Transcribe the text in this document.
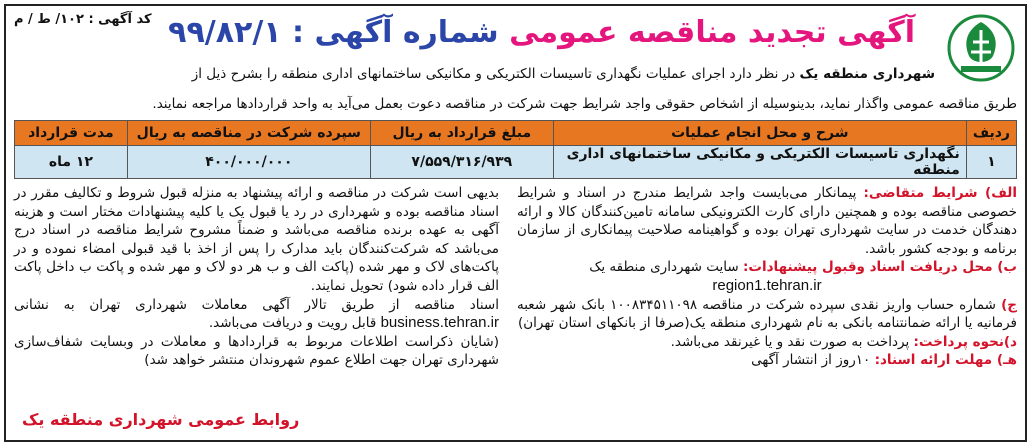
آگهی تجدید مناقصه عمومی شماره آگهی : ۹۹/۸۲/۱
کد آگهی : ۱۰۲/ ط / م
شهرداری منطقه یک در نظر دارد اجرای عملیات نگهداری تاسیسات الکتریکی و مکانیکی ساختمانهای اداری منطقه را بشرح ذیل از
طریق مناقصه عمومی واگذار نماید، بدینوسیله از اشخاص حقوقی واجد شرایط جهت شرکت در مناقصه دعوت بعمل می‌آید به واحد قراردادها مراجعه نمایند.
ردیف	شرح و محل انجام عملیات	مبلغ قرارداد به ریال	سپرده شرکت در مناقصه به ریال	مدت قرارداد
۱	نگهداری تاسیسات الکتریکی و مکانیکی ساختمانهای اداری منطقه	۷/۵۵۹/۳۱۶/۹۳۹	۴۰۰/۰۰۰/۰۰۰	۱۲ ماه

الف) شرایط متقاضی: پیمانکار می‌بایست واجد شرایط مندرج در اسناد و شرایط خصوصی مناقصه بوده و همچنین دارای کارت الکترونیکی سامانه تامین‌کنندگان کالا و ارائه دهندگان خدمت در سایت شهرداری تهران بوده و گواهینامه صلاحیت پیمانکاری از سازمان برنامه و بودجه کشور باشد.

ب) محل دریافت اسناد وقبول پیشنهادات: سایت شهرداری منطقه یک

region1.tehran.ir

ج) شماره حساب واریز نقدی سپرده شرکت در مناقصه ۱۰۰۸۳۴۵۱۱۰۹۸ بانک شهر شعبه فرمانیه یا ارائه ضمانتنامه بانکی به نام شهرداری منطقه یک(صرفا از بانکهای استان تهران)

د)نحوه پرداخت: پرداخت به صورت نقد و یا غیرنقد می‌باشد.

هـ) مهلت ارائه اسناد: ۱۰روز از انتشار آگهی

بدیهی است شرکت در مناقصه و ارائه پیشنهاد به منزله قبول شروط و تکالیف مقرر در اسناد مناقصه بوده و شهرداری در رد یا قبول یک یا کلیه پیشنهادات مختار است و هزینه آگهی به عهده برنده مناقصه می‌باشد و ضمناً مشروح شرایط مناقصه در اسناد درج می‌باشد که شرکت‌کنندگان باید مدارک را پس از اخذ با قید قبولی امضاء نموده و در پاکت‌های لاک و مهر شده (پاکت الف و ب هر دو لاک و مهر شده و پاکت ب داخل پاکت الف قرار داده شود) تحویل نمایند.

اسناد مناقصه از طریق تالار آگهی معاملات شهرداری تهران به نشانی business.tehran.ir قابل رویت و دریافت می‌باشد.

(شایان ذکراست اطلاعات مربوط به قراردادها و معاملات در وبسایت شفاف‌سازی شهرداری تهران جهت اطلاع عموم شهروندان منتشر خواهد شد)

روابط عمومی شهرداری منطقه یک
